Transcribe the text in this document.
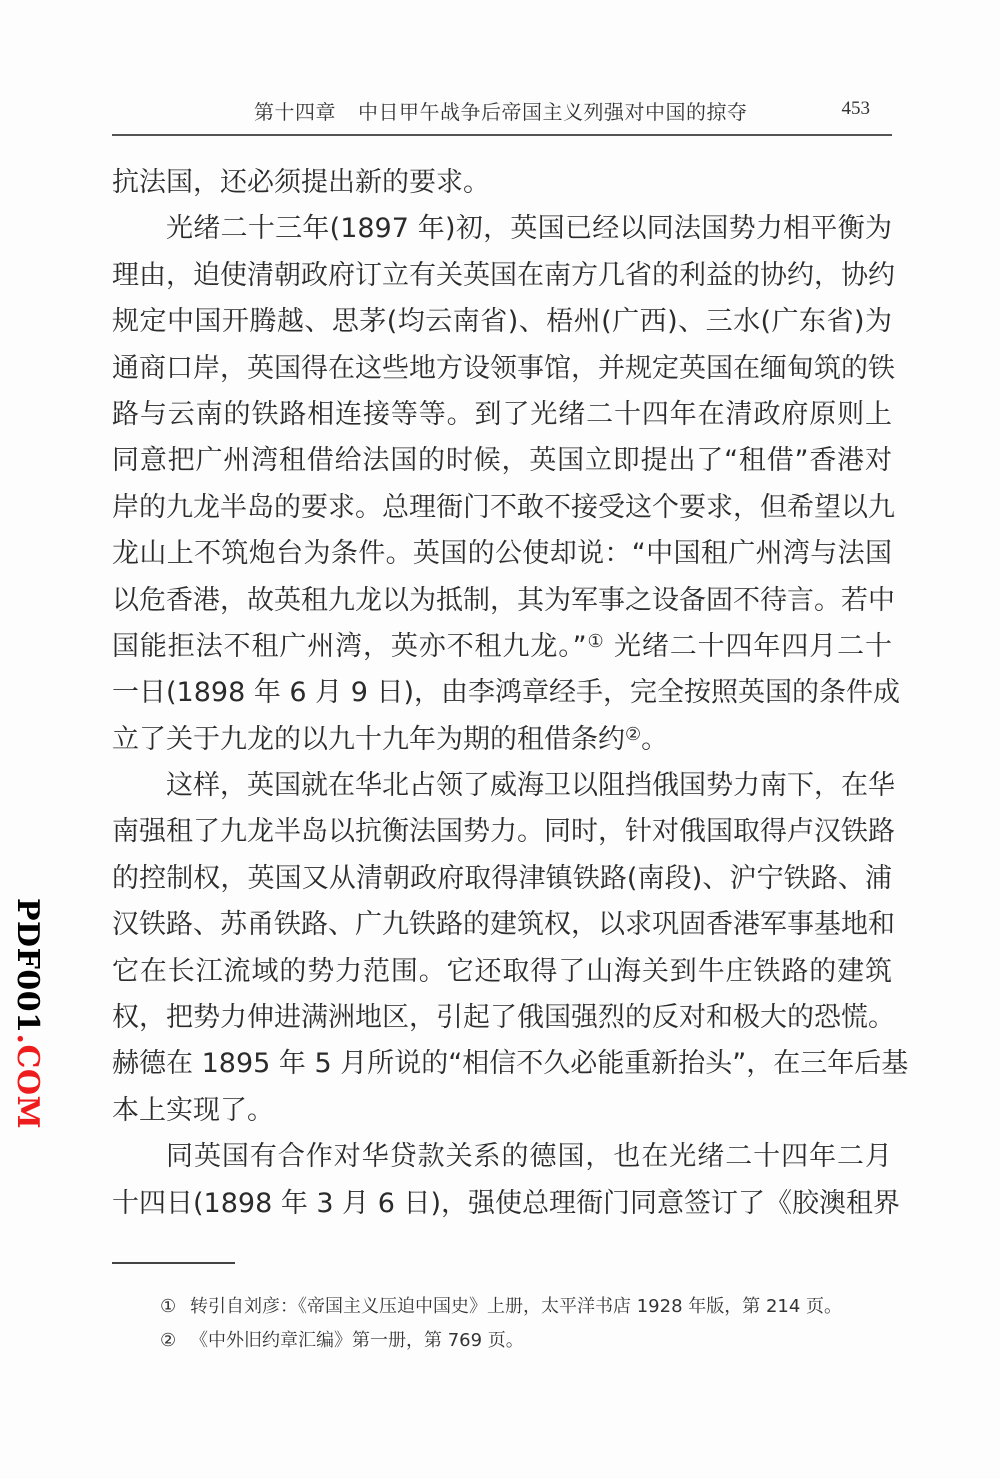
第十四章 中日甲午战争后帝国主义列强对中国的掠夺	453
抗法国，还必须提出新的要求。
光绪二十三年(1897 年)初，英国已经以同法国势力相平衡为
理由，迫使清朝政府订立有关英国在南方几省的利益的协约，协约
规定中国开腾越、思茅(均云南省)、梧州(广西)、三水(广东省)为
通商口岸，英国得在这些地方设领事馆，并规定英国在缅甸筑的铁
路与云南的铁路相连接等等。到了光绪二十四年在清政府原则上
同意把广州湾租借给法国的时候，英国立即提出了“租借”香港对
岸的九龙半岛的要求。总理衙门不敢不接受这个要求，但希望以九
龙山上不筑炮台为条件。英国的公使却说：“中国租广州湾与法国
以危香港，故英租九龙以为抵制，其为军事之设备固不待言。若中
国能拒法不租广州湾，英亦不租九龙。”① 光绪二十四年四月二十
一日(1898 年 6 月 9 日)，由李鸿章经手，完全按照英国的条件成
立了关于九龙的以九十九年为期的租借条约②。
这样，英国就在华北占领了威海卫以阻挡俄国势力南下，在华
南强租了九龙半岛以抗衡法国势力。同时，针对俄国取得卢汉铁路
的控制权，英国又从清朝政府取得津镇铁路(南段)、沪宁铁路、浦
汉铁路、苏甬铁路、广九铁路的建筑权，以求巩固香港军事基地和
它在长江流域的势力范围。它还取得了山海关到牛庄铁路的建筑
权，把势力伸进满洲地区，引起了俄国强烈的反对和极大的恐慌。
赫德在 1895 年 5 月所说的“相信不久必能重新抬头”，在三年后基
本上实现了。
同英国有合作对华贷款关系的德国，也在光绪二十四年二月
十四日(1898 年 3 月 6 日)，强使总理衙门同意签订了《胶澳租界
① 转引自刘彦：《帝国主义压迫中国史》上册，太平洋书店 1928 年版，第 214 页。
② 《中外旧约章汇编》第一册，第 769 页。
PDF001.COM
